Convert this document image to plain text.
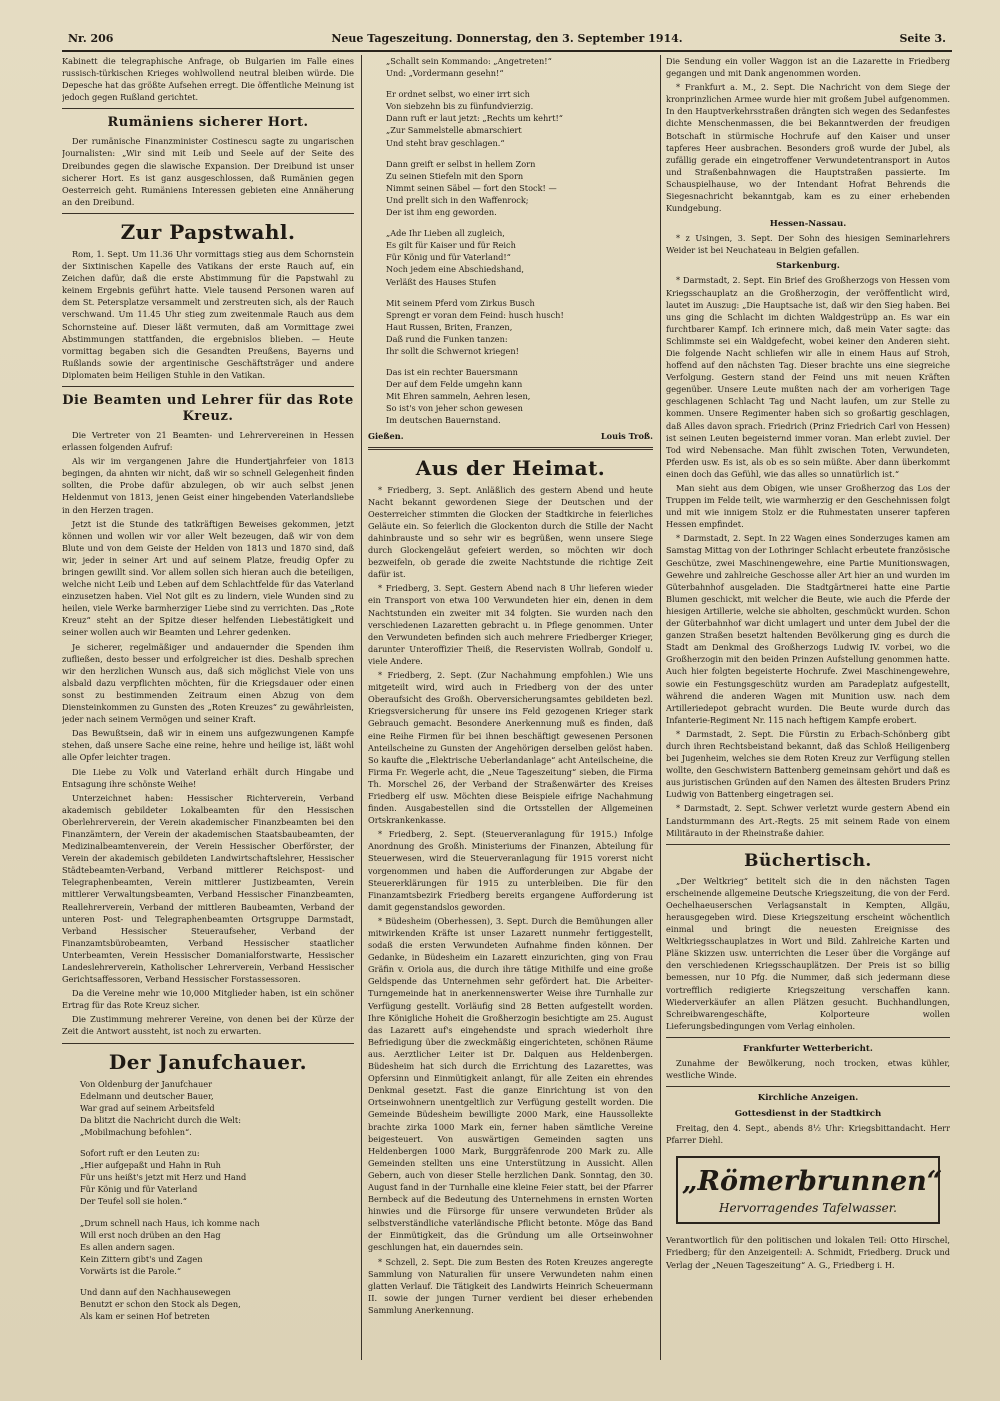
Nr. 206	Neue Tageszeitung. Donnerstag, den 3. September 1914.	Seite 3.

Kabinett die telegraphische Anfrage, ob Bulgarien im Falle eines russisch-türkischen Krieges wohlwollend neutral bleiben würde. Die Depesche hat das größte Aufsehen erregt. Die öffentliche Meinung ist jedoch gegen Rußland gerichtet.

Rumäniens sicherer Hort.

Der rumänische Finanzminister Costinescu sagte zu ungarischen Journalisten: „Wir sind mit Leib und Seele auf der Seite des Dreibundes gegen die slawische Expansion. Der Dreibund ist unser sicherer Hort. Es ist ganz ausgeschlossen, daß Rumänien gegen Oesterreich geht. Rumäniens Interessen gebieten eine Annäherung an den Dreibund.

Zur Papstwahl.

Rom, 1. Sept. Um 11.36 Uhr vormittags stieg aus dem Schornstein der Sixtinischen Kapelle des Vatikans der erste Rauch auf, ein Zeichen dafür, daß die erste Abstimmung für die Papstwahl zu keinem Ergebnis geführt hatte. Viele tausend Personen waren auf dem St. Petersplatze versammelt und zerstreuten sich, als der Rauch verschwand. Um 11.45 Uhr stieg zum zweitenmale Rauch aus dem Schornsteine auf. Dieser läßt vermuten, daß am Vormittage zwei Abstimmungen stattfanden, die ergebnislos blieben. — Heute vormittag begaben sich die Gesandten Preußens, Bayerns und Rußlands sowie der argentinische Geschäftsträger und andere Diplomaten beim Heiligen Stuhle in den Vatikan.

Die Beamten und Lehrer für das Rote Kreuz.

Die Vertreter von 21 Beamten- und Lehrervereinen in Hessen erlassen folgenden Aufruf:

Als wir im vergangenen Jahre die Hundertjahrfeier von 1813 begingen, da ahnten wir nicht, daß wir so schnell Gelegenheit finden sollten, die Probe dafür abzulegen, ob wir auch selbst jenen Heldenmut von 1813, jenen Geist einer hingebenden Vaterlandsliebe in den Herzen tragen.

Jetzt ist die Stunde des tatkräftigen Beweises gekommen, jetzt können und wollen wir vor aller Welt bezeugen, daß wir von dem Blute und von dem Geiste der Helden von 1813 und 1870 sind, daß wir, jeder in seiner Art und auf seinem Platze, freudig Opfer zu bringen gewillt sind. Vor allem sollen sich hieran auch die beteiligen, welche nicht Leib und Leben auf dem Schlachtfelde für das Vaterland einzusetzen haben. Viel Not gilt es zu lindern, viele Wunden sind zu heilen, viele Werke barmherziger Liebe sind zu verrichten. Das „Rote Kreuz“ steht an der Spitze dieser helfenden Liebestätigkeit und seiner wollen auch wir Beamten und Lehrer gedenken.

Je sicherer, regelmäßiger und andauernder die Spenden ihm zufließen, desto besser und erfolgreicher ist dies. Deshalb sprechen wir den herzlichen Wunsch aus, daß sich möglichst Viele von uns alsbald dazu verpflichten möchten, für die Kriegsdauer oder einen sonst zu bestimmenden Zeitraum einen Abzug von dem Diensteinkommen zu Gunsten des „Roten Kreuzes“ zu gewährleisten, jeder nach seinem Vermögen und seiner Kraft.

Das Bewußtsein, daß wir in einem uns aufgezwungenen Kampfe stehen, daß unsere Sache eine reine, hehre und heilige ist, läßt wohl alle Opfer leichter tragen.

Die Liebe zu Volk und Vaterland erhält durch Hingabe und Entsagung ihre schönste Weihe!

Unterzeichnet haben: Hessischer Richterverein, Verband akademisch gebildeter Lokalbeamten für den Hessischen Oberlehrerverein, der Verein akademischer Finanzbeamten bei den Finanzämtern, der Verein der akademischen Staatsbaubeamten, der Medizinalbeamtenverein, der Verein Hessischer Oberförster, der Verein der akademisch gebildeten Landwirtschaftslehrer, Hessischer Städtebeamten-Verband, Verband mittlerer Reichspost- und Telegraphenbeamten, Verein mittlerer Justizbeamten, Verein mittlerer Verwaltungsbeamten, Verband Hessischer Finanzbeamten, Reallehrerverein, Verband der mittleren Baubeamten, Verband der unteren Post- und Telegraphenbeamten Ortsgruppe Darmstadt, Verband Hessischer Steueraufseher, Verband der Finanzamtsbürobeamten, Verband Hessischer staatlicher Unterbeamten, Verein Hessischer Domanialforstwarte, Hessischer Landeslehrerverein, Katholischer Lehrerverein, Verband Hessischer Gerichtsaffessoren, Verband Hessischer Forstassessoren.

Da die Vereine mehr wie 10,000 Mitglieder haben, ist ein schöner Ertrag für das Rote Kreuz sicher.

Die Zustimmung mehrerer Vereine, von denen bei der Kürze der Zeit die Antwort aussteht, ist noch zu erwarten.

Der Janufchauer.
Von Oldenburg der Janufchauer
Edelmann und deutscher Bauer,
War grad auf seinem Arbeitsfeld
Da blitzt die Nachricht durch die Welt:
„Mobilmachung befohlen“.
Sofort ruft er den Leuten zu:
„Hier aufgepaßt und Hahn in Ruh
Für uns heißt's jetzt mit Herz und Hand
Für König und für Vaterland
Der Teufel soll sie holen.“
„Drum schnell nach Haus, ich komme nach
Will erst noch drüben an den Hag
Es allen andern sagen.
Kein Zittern gibt's und Zagen
Vorwärts ist die Parole.“
Und dann auf den Nachhausewegen
Benutzt er schon den Stock als Degen,
Als kam er seinen Hof betreten
„Schallt sein Kommando: „Angetreten!“
Und: „Vordermann gesehn!“
Er ordnet selbst, wo einer irrt sich
Von siebzehn bis zu fünfundvierzig.
Dann ruft er laut jetzt: „Rechts um kehrt!“
„Zur Sammelstelle abmarschiert
Und steht brav geschlagen.“
Dann greift er selbst in hellem Zorn
Zu seinen Stiefeln mit den Sporn
Nimmt seinen Säbel — fort den Stock! —
Und prellt sich in den Waffenrock;
Der ist ihm eng geworden.
„Ade Ihr Lieben all zugleich,
Es gilt für Kaiser und für Reich
Für König und für Vaterland!“
Noch jedem eine Abschiedshand,
Verläßt des Hauses Stufen
Mit seinem Pferd vom Zirkus Busch
Sprengt er voran dem Feind: husch husch!
Haut Russen, Briten, Franzen,
Daß rund die Funken tanzen:
Ihr sollt die Schwernot kriegen!
Das ist ein rechter Bauersmann
Der auf dem Felde umgehn kann
Mit Ehren sammeln, Aehren lesen,
So ist's von jeher schon gewesen
Im deutschen Bauernstand.
Gießen.	Louis Troß.
Aus der Heimat.

* Friedberg, 3. Sept. Anläßlich des gestern Abend und heute Nacht bekannt gewordenen Siege der Deutschen und der Oesterreicher stimmten die Glocken der Stadtkirche in feierliches Geläute ein. So feierlich die Glockenton durch die Stille der Nacht dahinbrauste und so sehr wir es begrüßen, wenn unsere Siege durch Glockengeläut gefeiert werden, so möchten wir doch bezweifeln, ob gerade die zweite Nachtstunde die richtige Zeit dafür ist.

* Friedberg, 3. Sept. Gestern Abend nach 8 Uhr lieferen wieder ein Transport von etwa 100 Verwundeten hier ein, denen in dem Nachtstunden ein zweiter mit 34 folgten. Sie wurden nach den verschiedenen Lazaretten gebracht u. in Pflege genommen. Unter den Verwundeten befinden sich auch mehrere Friedberger Krieger, darunter Unteroffizier Theiß, die Reservisten Wollrab, Gondolf u. viele Andere.

* Friedberg, 2. Sept. (Zur Nachahmung empfohlen.) Wie uns mitgeteilt wird, wird auch in Friedberg von der des unter Oberaufsicht des Großh. Oberversicherungsamtes gebildeten bezl. Kriegsversicherung für unsere ins Feld gezogenen Krieger stark Gebrauch gemacht. Besondere Anerkennung muß es finden, daß eine Reihe Firmen für bei ihnen beschäftigt gewesenen Personen Anteilscheine zu Gunsten der Angehörigen derselben gelöst haben. So kaufte die „Elektrische Ueberlandanlage“ acht Anteilscheine, die Firma Fr. Wegerle acht, die „Neue Tageszeitung“ sieben, die Firma Th. Morschel 26, der Verband der Straßenwärter des Kreises Friedberg elf usw. Möchten diese Beispiele eifrige Nachahmung finden. Ausgabestellen sind die Ortsstellen der Allgemeinen Ortskrankenkasse.

* Friedberg, 2. Sept. (Steuerveranlagung für 1915.) Infolge Anordnung des Großh. Ministeriums der Finanzen, Abteilung für Steuerwesen, wird die Steuerveranlagung für 1915 vorerst nicht vorgenommen und haben die Aufforderungen zur Abgabe der Steuererklärungen für 1915 zu unterbleiben. Die für den Finanzamtsbezirk Friedberg bereits ergangene Aufforderung ist damit gegenstandslos geworden.

* Büdesheim (Oberhessen), 3. Sept. Durch die Bemühungen aller mitwirkenden Kräfte ist unser Lazarett nunmehr fertiggestellt, sodaß die ersten Verwundeten Aufnahme finden können. Der Gedanke, in Büdesheim ein Lazarett einzurichten, ging von Frau Gräfin v. Oriola aus, die durch ihre tätige Mithilfe und eine große Geldspende das Unternehmen sehr gefördert hat. Die Arbeiter-Turngemeinde hat in anerkennenswerter Weise ihre Turnhalle zur Verfügung gestellt. Vorläufig sind 28 Betten aufgestellt worden. Ihre Königliche Hoheit die Großherzogin besichtigte am 25. August das Lazarett auf's eingehendste und sprach wiederholt ihre Befriedigung über die zweckmäßig eingerichteten, schönen Räume aus. Aerztlicher Leiter ist Dr. Dalquen aus Heldenbergen. Büdesheim hat sich durch die Errichtung des Lazarettes, was Opfersinn und Einmütigkeit anlangt, für alle Zeiten ein ehrendes Denkmal gesetzt. Fast die ganze Einrichtung ist von den Ortseinwohnern unentgeltlich zur Verfügung gestellt worden. Die Gemeinde Büdesheim bewilligte 2000 Mark, eine Haussollekte brachte zirka 1000 Mark ein, ferner haben sämtliche Vereine beigesteuert. Von auswärtigen Gemeinden sagten uns Heldenbergen 1000 Mark, Burggräfenrode 200 Mark zu. Alle Gemeinden stellten uns eine Unterstützung in Aussicht. Allen Gebern, auch von dieser Stelle herzlichen Dank. Sonntag, den 30. August fand in der Turnhalle eine kleine Feier statt, bei der Pfarrer Bernbeck auf die Bedeutung des Unternehmens in ernsten Worten hinwies und die Fürsorge für unsere verwundeten Brüder als selbstverständliche vaterländische Pflicht betonte. Möge das Band der Einmütigkeit, das die Gründung um alle Ortseinwohner geschlungen hat, ein dauerndes sein.

* Schzell, 2. Sept. Die zum Besten des Roten Kreuzes angeregte Sammlung von Naturalien für unsere Verwundeten nahm einen glatten Verlauf. Die Tätigkeit des Landwirts Heinrich Scheuermann II. sowie der jungen Turner verdient bei dieser erhebenden Sammlung Anerkennung.

Die Sendung ein voller Waggon ist an die Lazarette in Friedberg gegangen und mit Dank angenommen worden.

* Frankfurt a. M., 2. Sept. Die Nachricht von dem Siege der kronprinzlichen Armee wurde hier mit großem Jubel aufgenommen. In den Hauptverkehrsstraßen drängten sich wegen des Sedanfestes dichte Menschenmassen, die bei Bekanntwerden der freudigen Botschaft in stürmische Hochrufe auf den Kaiser und unser tapferes Heer ausbrachen. Besonders groß wurde der Jubel, als zufällig gerade ein eingetroffener Verwundetentransport in Autos und Straßenbahnwagen die Hauptstraßen passierte. Im Schauspielhause, wo der Intendant Hofrat Behrends die Siegesnachricht bekanntgab, kam es zu einer erhebenden Kundgebung.

Hessen-Nassau.

* z Usingen, 3. Sept. Der Sohn des hiesigen Seminarlehrers Weider ist bei Neuchateau in Belgien gefallen.

Starkenburg.

* Darmstadt, 2. Sept. Ein Brief des Großherzogs von Hessen vom Kriegsschauplatz an die Großherzogin, der veröffentlicht wird, lautet im Auszug: „Die Hauptsache ist, daß wir den Sieg haben. Bei uns ging die Schlacht im dichten Waldgestrüpp an. Es war ein furchtbarer Kampf. Ich erinnere mich, daß mein Vater sagte: das Schlimmste sei ein Waldgefecht, wobei keiner den Anderen sieht. Die folgende Nacht schliefen wir alle in einem Haus auf Stroh, hoffend auf den nächsten Tag. Dieser brachte uns eine siegreiche Verfolgung. Gestern stand der Feind uns mit neuen Kräften gegenüber. Unsere Leute mußten nach der am vorherigen Tage geschlagenen Schlacht Tag und Nacht laufen, um zur Stelle zu kommen. Unsere Regimenter haben sich so großartig geschlagen, daß Alles davon sprach. Friedrich (Prinz Friedrich Carl von Hessen) ist seinen Leuten begeisternd immer voran. Man erlebt zuviel. Der Tod wird Nebensache. Man fühlt zwischen Toten, Verwundeten, Pferden usw. Es ist, als ob es so sein müßte. Aber dann überkommt einen doch das Gefühl, wie das alles so unnatürlich ist.“

Man sieht aus dem Obigen, wie unser Großherzog das Los der Truppen im Felde teilt, wie warmherzig er den Geschehnissen folgt und mit wie innigem Stolz er die Ruhmestaten unserer tapferen Hessen empfindet.

* Darmstadt, 2. Sept. In 22 Wagen eines Sonderzuges kamen am Samstag Mittag von der Lothringer Schlacht erbeutete französische Geschütze, zwei Maschinengewehre, eine Partie Munitionswagen, Gewehre und zahlreiche Geschosse aller Art hier an und wurden im Güterbahnhof ausgeladen. Die Stadtgärtnerei hatte eine Partie Blumen geschickt, mit welcher die Beute, wie auch die Pferde der hiesigen Artillerie, welche sie abholten, geschmückt wurden. Schon der Güterbahnhof war dicht umlagert und unter dem Jubel der die ganzen Straßen besetzt haltenden Bevölkerung ging es durch die Stadt am Denkmal des Großherzogs Ludwig IV. vorbei, wo die Großherzogin mit den beiden Prinzen Aufstellung genommen hatte. Auch hier folgten begeisterte Hochrufe. Zwei Maschinengewehre, sowie ein Festungsgeschütz wurden am Paradeplatz aufgestellt, während die anderen Wagen mit Munition usw. nach dem Artilleriedepot gebracht wurden. Die Beute wurde durch das Infanterie-Regiment Nr. 115 nach heftigem Kampfe erobert.

* Darmstadt, 2. Sept. Die Fürstin zu Erbach-Schönberg gibt durch ihren Rechtsbeistand bekannt, daß das Schloß Heiligenberg bei Jugenheim, welches sie dem Roten Kreuz zur Verfügung stellen wollte, den Geschwistern Battenberg gemeinsam gehört und daß es aus juristischen Gründen auf den Namen des ältesten Bruders Prinz Ludwig von Battenberg eingetragen sei.

* Darmstadt, 2. Sept. Schwer verletzt wurde gestern Abend ein Landsturmmann des Art.-Regts. 25 mit seinem Rade von einem Militärauto in der Rheinstraße dahier.

Büchertisch.

„Der Weltkrieg“ betitelt sich die in den nächsten Tagen erscheinende allgemeine Deutsche Kriegszeitung, die von der Ferd. Oechelhaeuserschen Verlagsanstalt in Kempten, Allgäu, herausgegeben wird. Diese Kriegszeitung erscheint wöchentlich einmal und bringt die neuesten Ereignisse des Weltkriegsschauplatzes in Wort und Bild. Zahlreiche Karten und Pläne Skizzen usw. unterrichten die Leser über die Vorgänge auf den verschiedenen Kriegsschauplätzen. Der Preis ist so billig bemessen, nur 10 Pfg. die Nummer, daß sich jedermann diese vortrefflich redigierte Kriegszeitung verschaffen kann. Wiederverkäufer an allen Plätzen gesucht. Buchhandlungen, Schreibwarengeschäfte, Kolporteure wollen Lieferungsbedingungen vom Verlag einholen.

Frankfurter Wetterbericht.

Zunahme der Bewölkerung, noch trocken, etwas kühler, westliche Winde.

Kirchliche Anzeigen.
Gottesdienst in der Stadtkirch

Freitag, den 4. Sept., abends 8½ Uhr: Kriegsbittandacht. Herr Pfarrer Diehl.

„Römerbrunnen“
Hervorragendes Tafelwasser.

Verantwortlich für den politischen und lokalen Teil: Otto Hirschel, Friedberg; für den Anzeigenteil: A. Schmidt, Friedberg. Druck und Verlag der „Neuen Tageszeitung“ A. G., Friedberg i. H.
